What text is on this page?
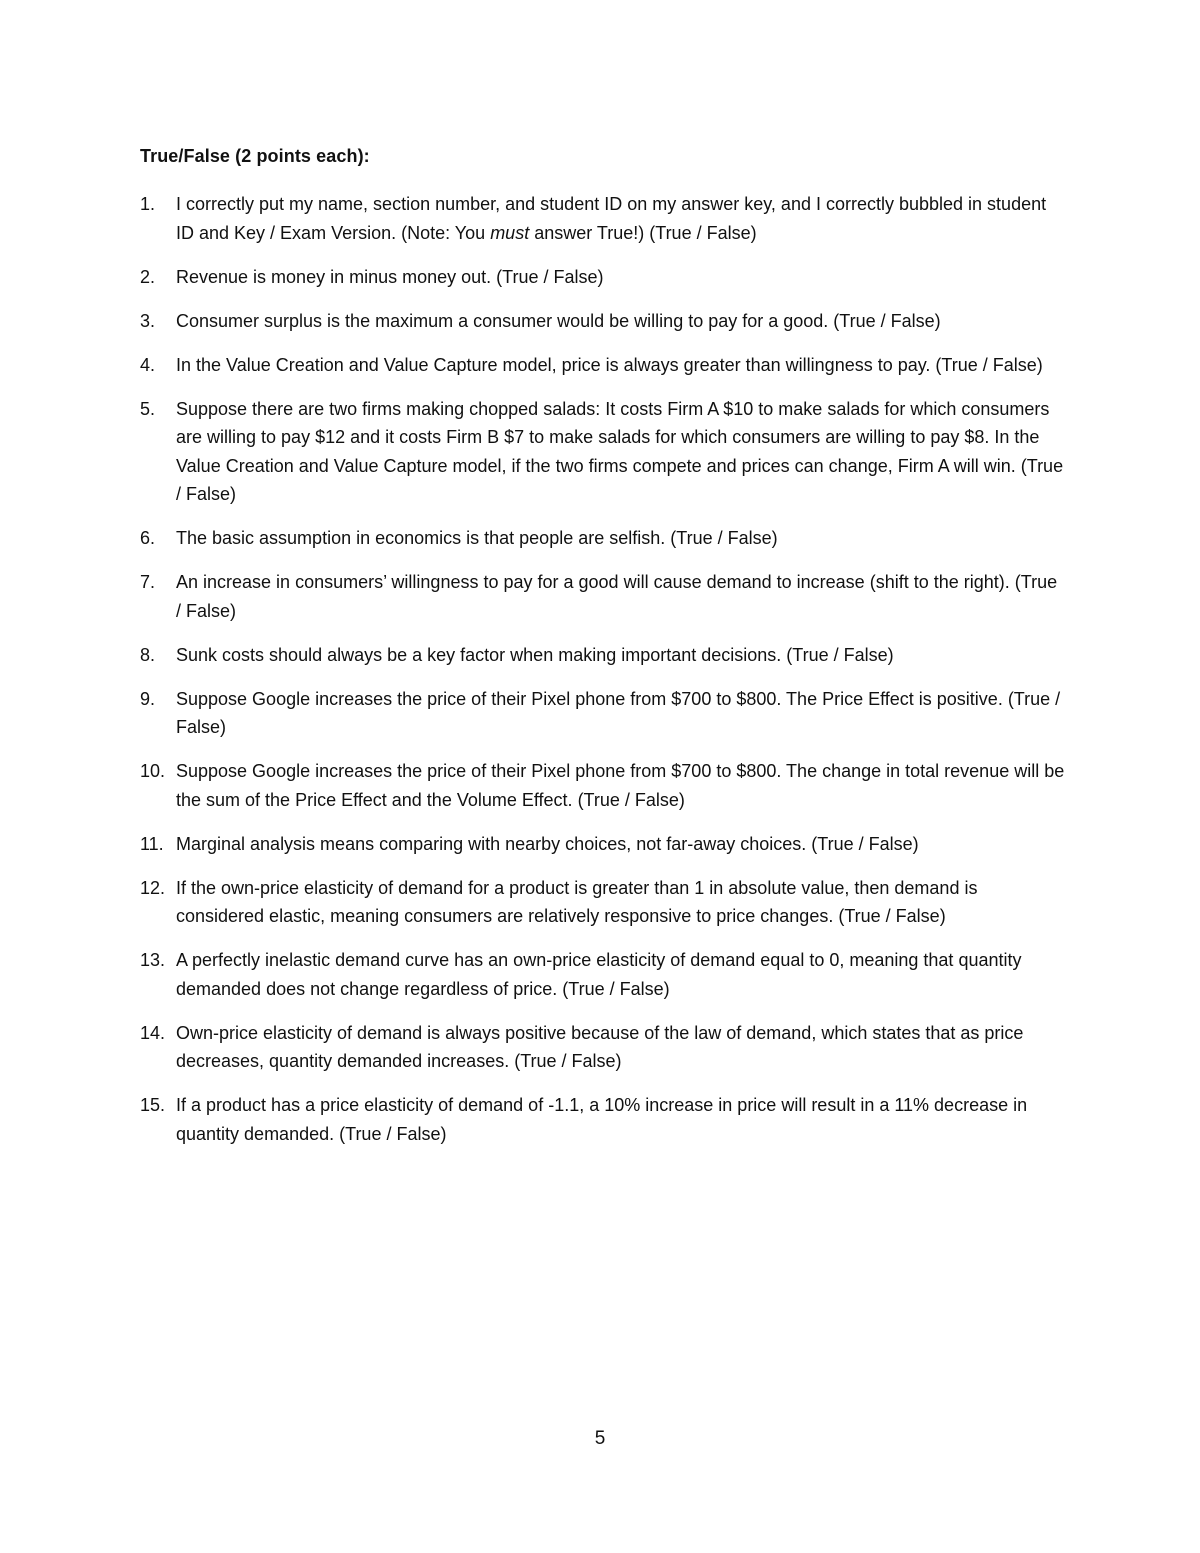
True/False (2 points each):
1.	I correctly put my name, section number, and student ID on my answer key, and I correctly bubbled in student ID and Key / Exam Version. (Note: You must answer True!) (True / False)
2.	Revenue is money in minus money out. (True / False)
3.	Consumer surplus is the maximum a consumer would be willing to pay for a good. (True / False)
4.	In the Value Creation and Value Capture model, price is always greater than willingness to pay. (True / False)
5.	Suppose there are two firms making chopped salads: It costs Firm A $10 to make salads for which consumers are willing to pay $12 and it costs Firm B $7 to make salads for which consumers are willing to pay $8. In the Value Creation and Value Capture model, if the two firms compete and prices can change, Firm A will win. (True / False)
6.	The basic assumption in economics is that people are selfish. (True / False)
7.	An increase in consumers’ willingness to pay for a good will cause demand to increase (shift to the right). (True / False)
8.	Sunk costs should always be a key factor when making important decisions. (True / False)
9.	Suppose Google increases the price of their Pixel phone from $700 to $800. The Price Effect is positive. (True / False)
10. Suppose Google increases the price of their Pixel phone from $700 to $800. The change in total revenue will be the sum of the Price Effect and the Volume Effect. (True / False)
11. Marginal analysis means comparing with nearby choices, not far-away choices. (True / False)
12. If the own-price elasticity of demand for a product is greater than 1 in absolute value, then demand is considered elastic, meaning consumers are relatively responsive to price changes. (True / False)
13. A perfectly inelastic demand curve has an own-price elasticity of demand equal to 0, meaning that quantity demanded does not change regardless of price. (True / False)
14. Own-price elasticity of demand is always positive because of the law of demand, which states that as price decreases, quantity demanded increases. (True / False)
15. If a product has a price elasticity of demand of -1.1, a 10% increase in price will result in a 11% decrease in quantity demanded. (True / False)
5
